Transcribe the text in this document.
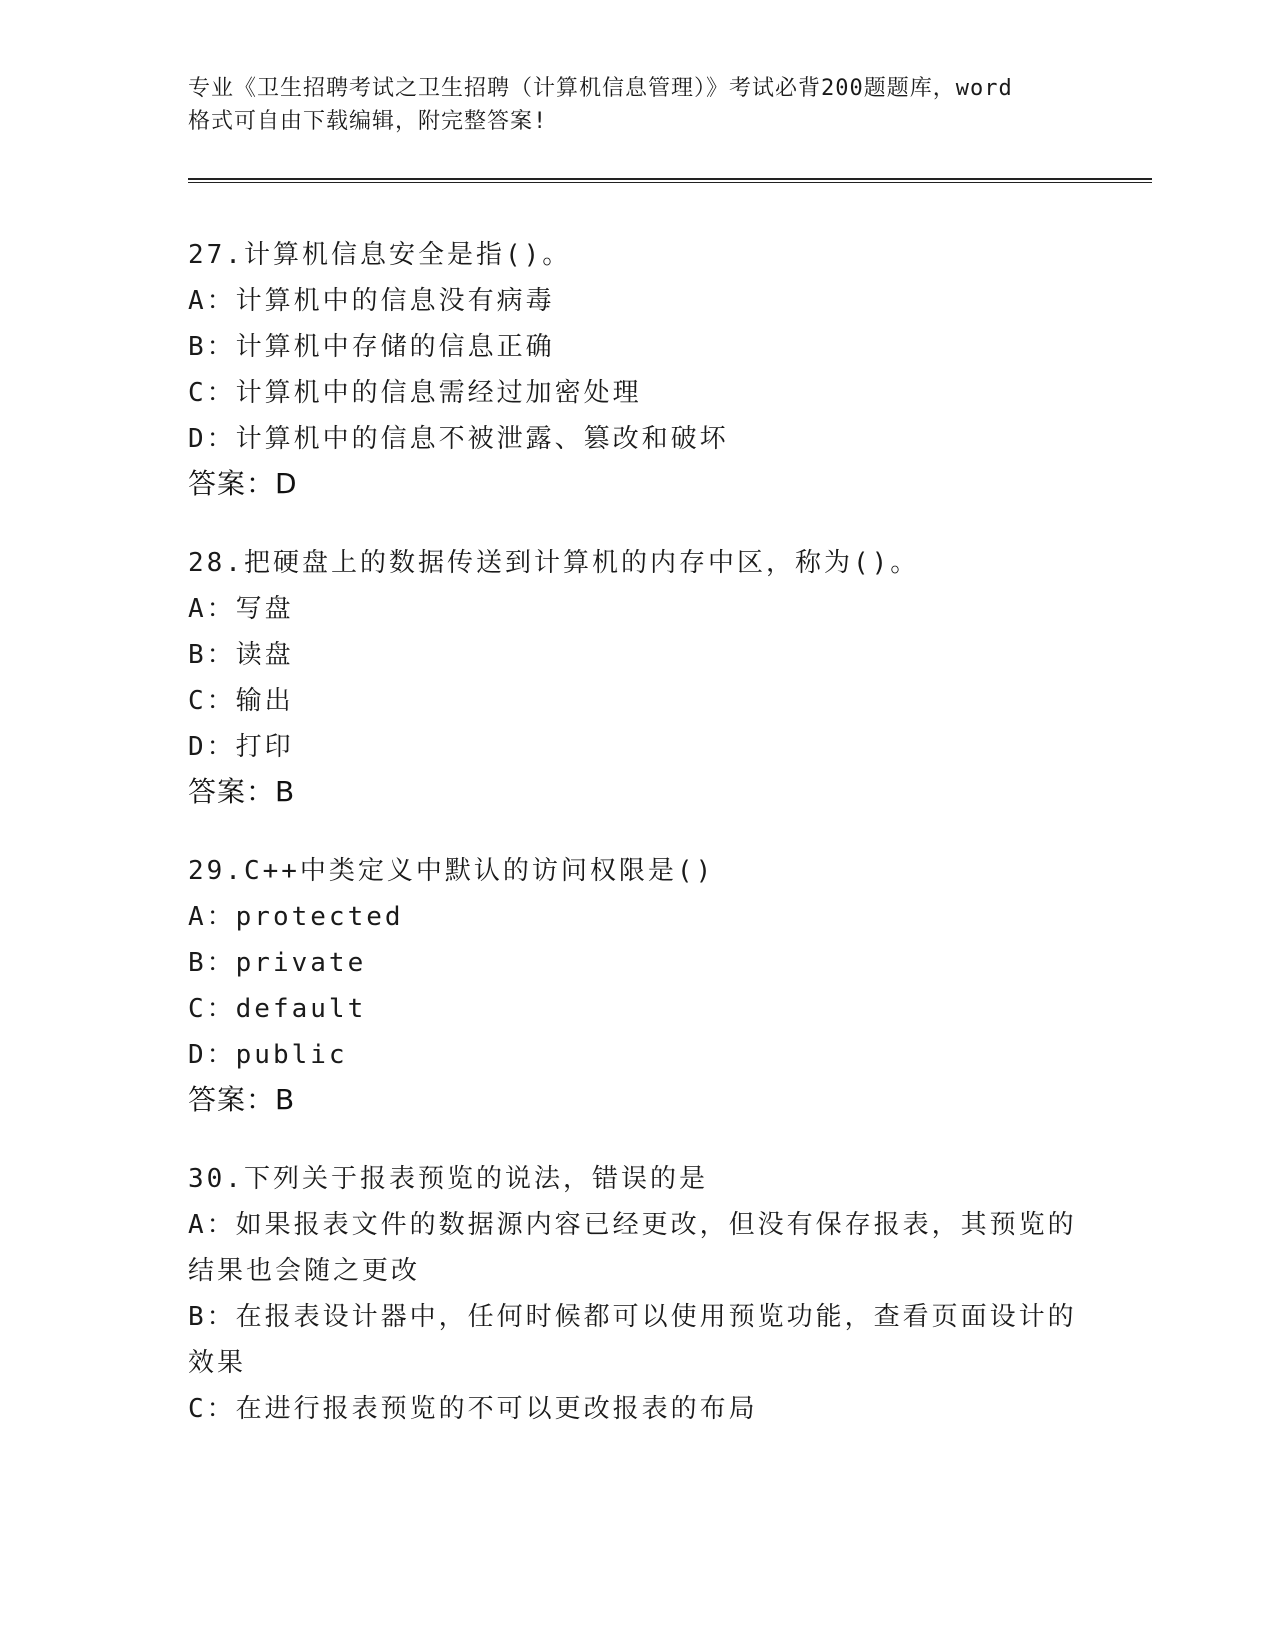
专业《卫生招聘考试之卫生招聘（计算机信息管理）》考试必背200题题库，word
格式可自由下载编辑，附完整答案!
27.计算机信息安全是指()。
A：计算机中的信息没有病毒
B：计算机中存储的信息正确
C：计算机中的信息需经过加密处理
D：计算机中的信息不被泄露、篡改和破坏
答案：D
28.把硬盘上的数据传送到计算机的内存中区，称为()。
A：写盘
B：读盘
C：输出
D：打印
答案：B
29.C++中类定义中默认的访问权限是()
A：protected
B：private
C：default
D：public
答案：B
30.下列关于报表预览的说法，错误的是
A：如果报表文件的数据源内容已经更改，但没有保存报表，其预览的结果也会随之更改
B：在报表设计器中，任何时候都可以使用预览功能，查看页面设计的效果
C：在进行报表预览的不可以更改报表的布局
